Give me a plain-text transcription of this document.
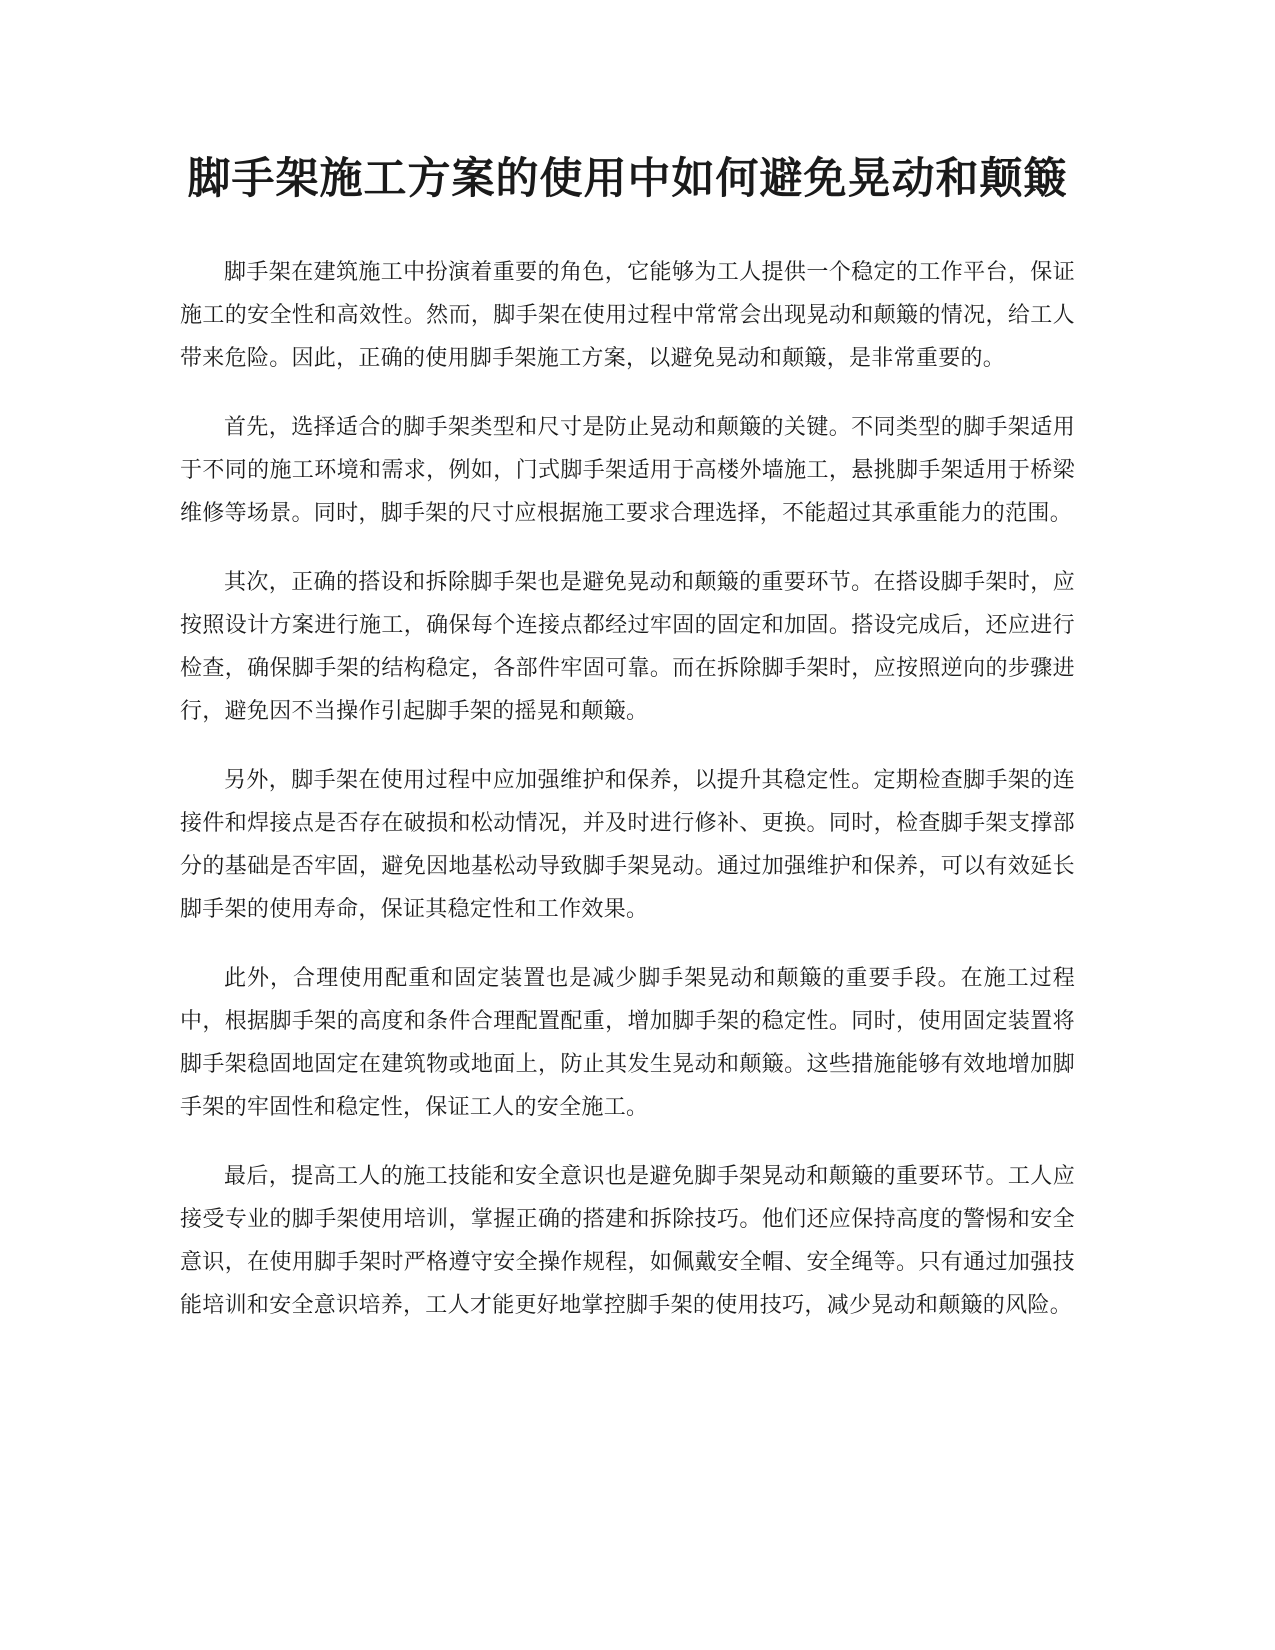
脚手架施工方案的使用中如何避免晃动和颠簸

脚手架在建筑施工中扮演着重要的角色，它能够为工人提供一个稳定的工作平台，保证施工的安全性和高效性。然而，脚手架在使用过程中常常会出现晃动和颠簸的情况，给工人带来危险。因此，正确的使用脚手架施工方案，以避免晃动和颠簸，是非常重要的。

首先，选择适合的脚手架类型和尺寸是防止晃动和颠簸的关键。不同类型的脚手架适用于不同的施工环境和需求，例如，门式脚手架适用于高楼外墙施工，悬挑脚手架适用于桥梁维修等场景。同时，脚手架的尺寸应根据施工要求合理选择，不能超过其承重能力的范围。

其次，正确的搭设和拆除脚手架也是避免晃动和颠簸的重要环节。在搭设脚手架时，应按照设计方案进行施工，确保每个连接点都经过牢固的固定和加固。搭设完成后，还应进行检查，确保脚手架的结构稳定，各部件牢固可靠。而在拆除脚手架时，应按照逆向的步骤进行，避免因不当操作引起脚手架的摇晃和颠簸。

另外，脚手架在使用过程中应加强维护和保养，以提升其稳定性。定期检查脚手架的连接件和焊接点是否存在破损和松动情况，并及时进行修补、更换。同时，检查脚手架支撑部分的基础是否牢固，避免因地基松动导致脚手架晃动。通过加强维护和保养，可以有效延长脚手架的使用寿命，保证其稳定性和工作效果。

此外，合理使用配重和固定装置也是减少脚手架晃动和颠簸的重要手段。在施工过程中，根据脚手架的高度和条件合理配置配重，增加脚手架的稳定性。同时，使用固定装置将脚手架稳固地固定在建筑物或地面上，防止其发生晃动和颠簸。这些措施能够有效地增加脚手架的牢固性和稳定性，保证工人的安全施工。

最后，提高工人的施工技能和安全意识也是避免脚手架晃动和颠簸的重要环节。工人应接受专业的脚手架使用培训，掌握正确的搭建和拆除技巧。他们还应保持高度的警惕和安全意识，在使用脚手架时严格遵守安全操作规程，如佩戴安全帽、安全绳等。只有通过加强技能培训和安全意识培养，工人才能更好地掌控脚手架的使用技巧，减少晃动和颠簸的风险。
